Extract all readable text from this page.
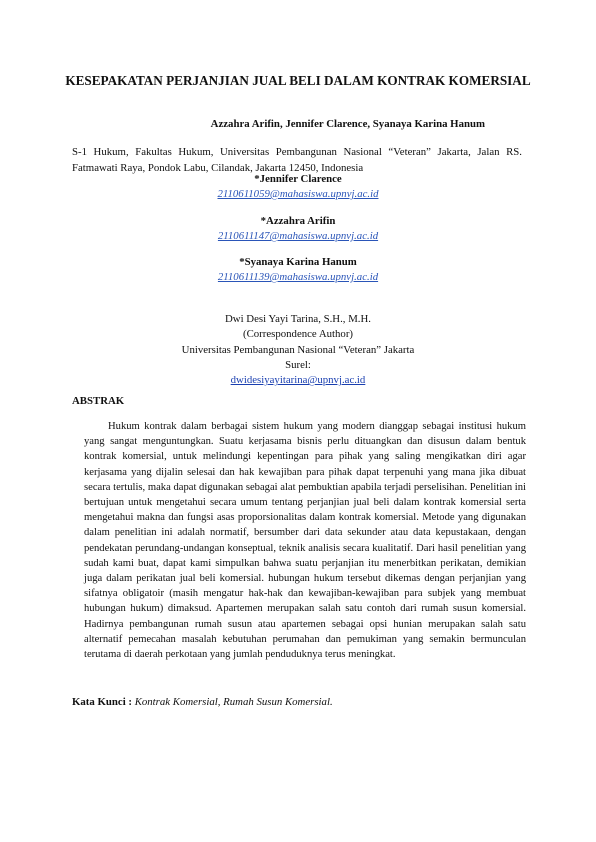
KESEPAKATAN PERJANJIAN JUAL BELI DALAM KONTRAK KOMERSIAL
Azzahra Arifin, Jennifer Clarence, Syanaya Karina Hanum
S-1 Hukum, Fakultas Hukum, Universitas Pembangunan Nasional “Veteran” Jakarta, Jalan RS. Fatmawati Raya, Pondok Labu, Cilandak, Jakarta 12450, Indonesia
*Jennifer Clarence
2110611059@mahasiswa.upnvj.ac.id
*Azzahra Arifin
2110611147@mahasiswa.upnvj.ac.id
*Syanaya Karina Hanum
2110611139@mahasiswa.upnvj.ac.id
Dwi Desi Yayi Tarina, S.H., M.H.
(Correspondence Author)
Universitas Pembangunan Nasional “Veteran” Jakarta
Surel:
dwidesiyayitarina@upnvj.ac.id
ABSTRAK
Hukum kontrak dalam berbagai sistem hukum yang modern dianggap sebagai institusi hukum yang sangat menguntungkan. Suatu kerjasama bisnis perlu dituangkan dan disusun dalam bentuk kontrak komersial, untuk melindungi kepentingan para pihak yang saling mengikatkan diri agar kerjasama yang dijalin selesai dan hak kewajiban para pihak dapat terpenuhi yang mana jika dibuat secara tertulis, maka dapat digunakan sebagai alat pembuktian apabila terjadi perselisihan. Penelitian ini bertujuan untuk mengetahui secara umum tentang perjanjian jual beli dalam kontrak komersial serta mengetahui makna dan fungsi asas proporsionalitas dalam kontrak komersial. Metode yang digunakan dalam penelitian ini adalah normatif, bersumber dari data sekunder atau data kepustakaan, dengan pendekatan perundang-undangan konseptual, teknik analisis secara kualitatif. Dari hasil penelitian yang sudah kami buat, dapat kami simpulkan bahwa suatu perjanjian itu menerbitkan perikatan, demikian juga dalam perikatan jual beli komersial. hubungan hukum tersebut dikemas dengan perjanjian yang sifatnya obligatoir (masih mengatur hak-hak dan kewajiban-kewajiban para subjek yang membuat hubungan hukum) dimaksud. Apartemen merupakan salah satu contoh dari rumah susun komersial. Hadirnya pembangunan rumah susun atau apartemen sebagai opsi hunian merupakan salah satu alternatif pemecahan masalah kebutuhan perumahan dan pemukiman yang semakin bermunculan terutama di daerah perkotaan yang jumlah penduduknya terus meningkat.
Kata Kunci : Kontrak Komersial, Rumah Susun Komersial.
